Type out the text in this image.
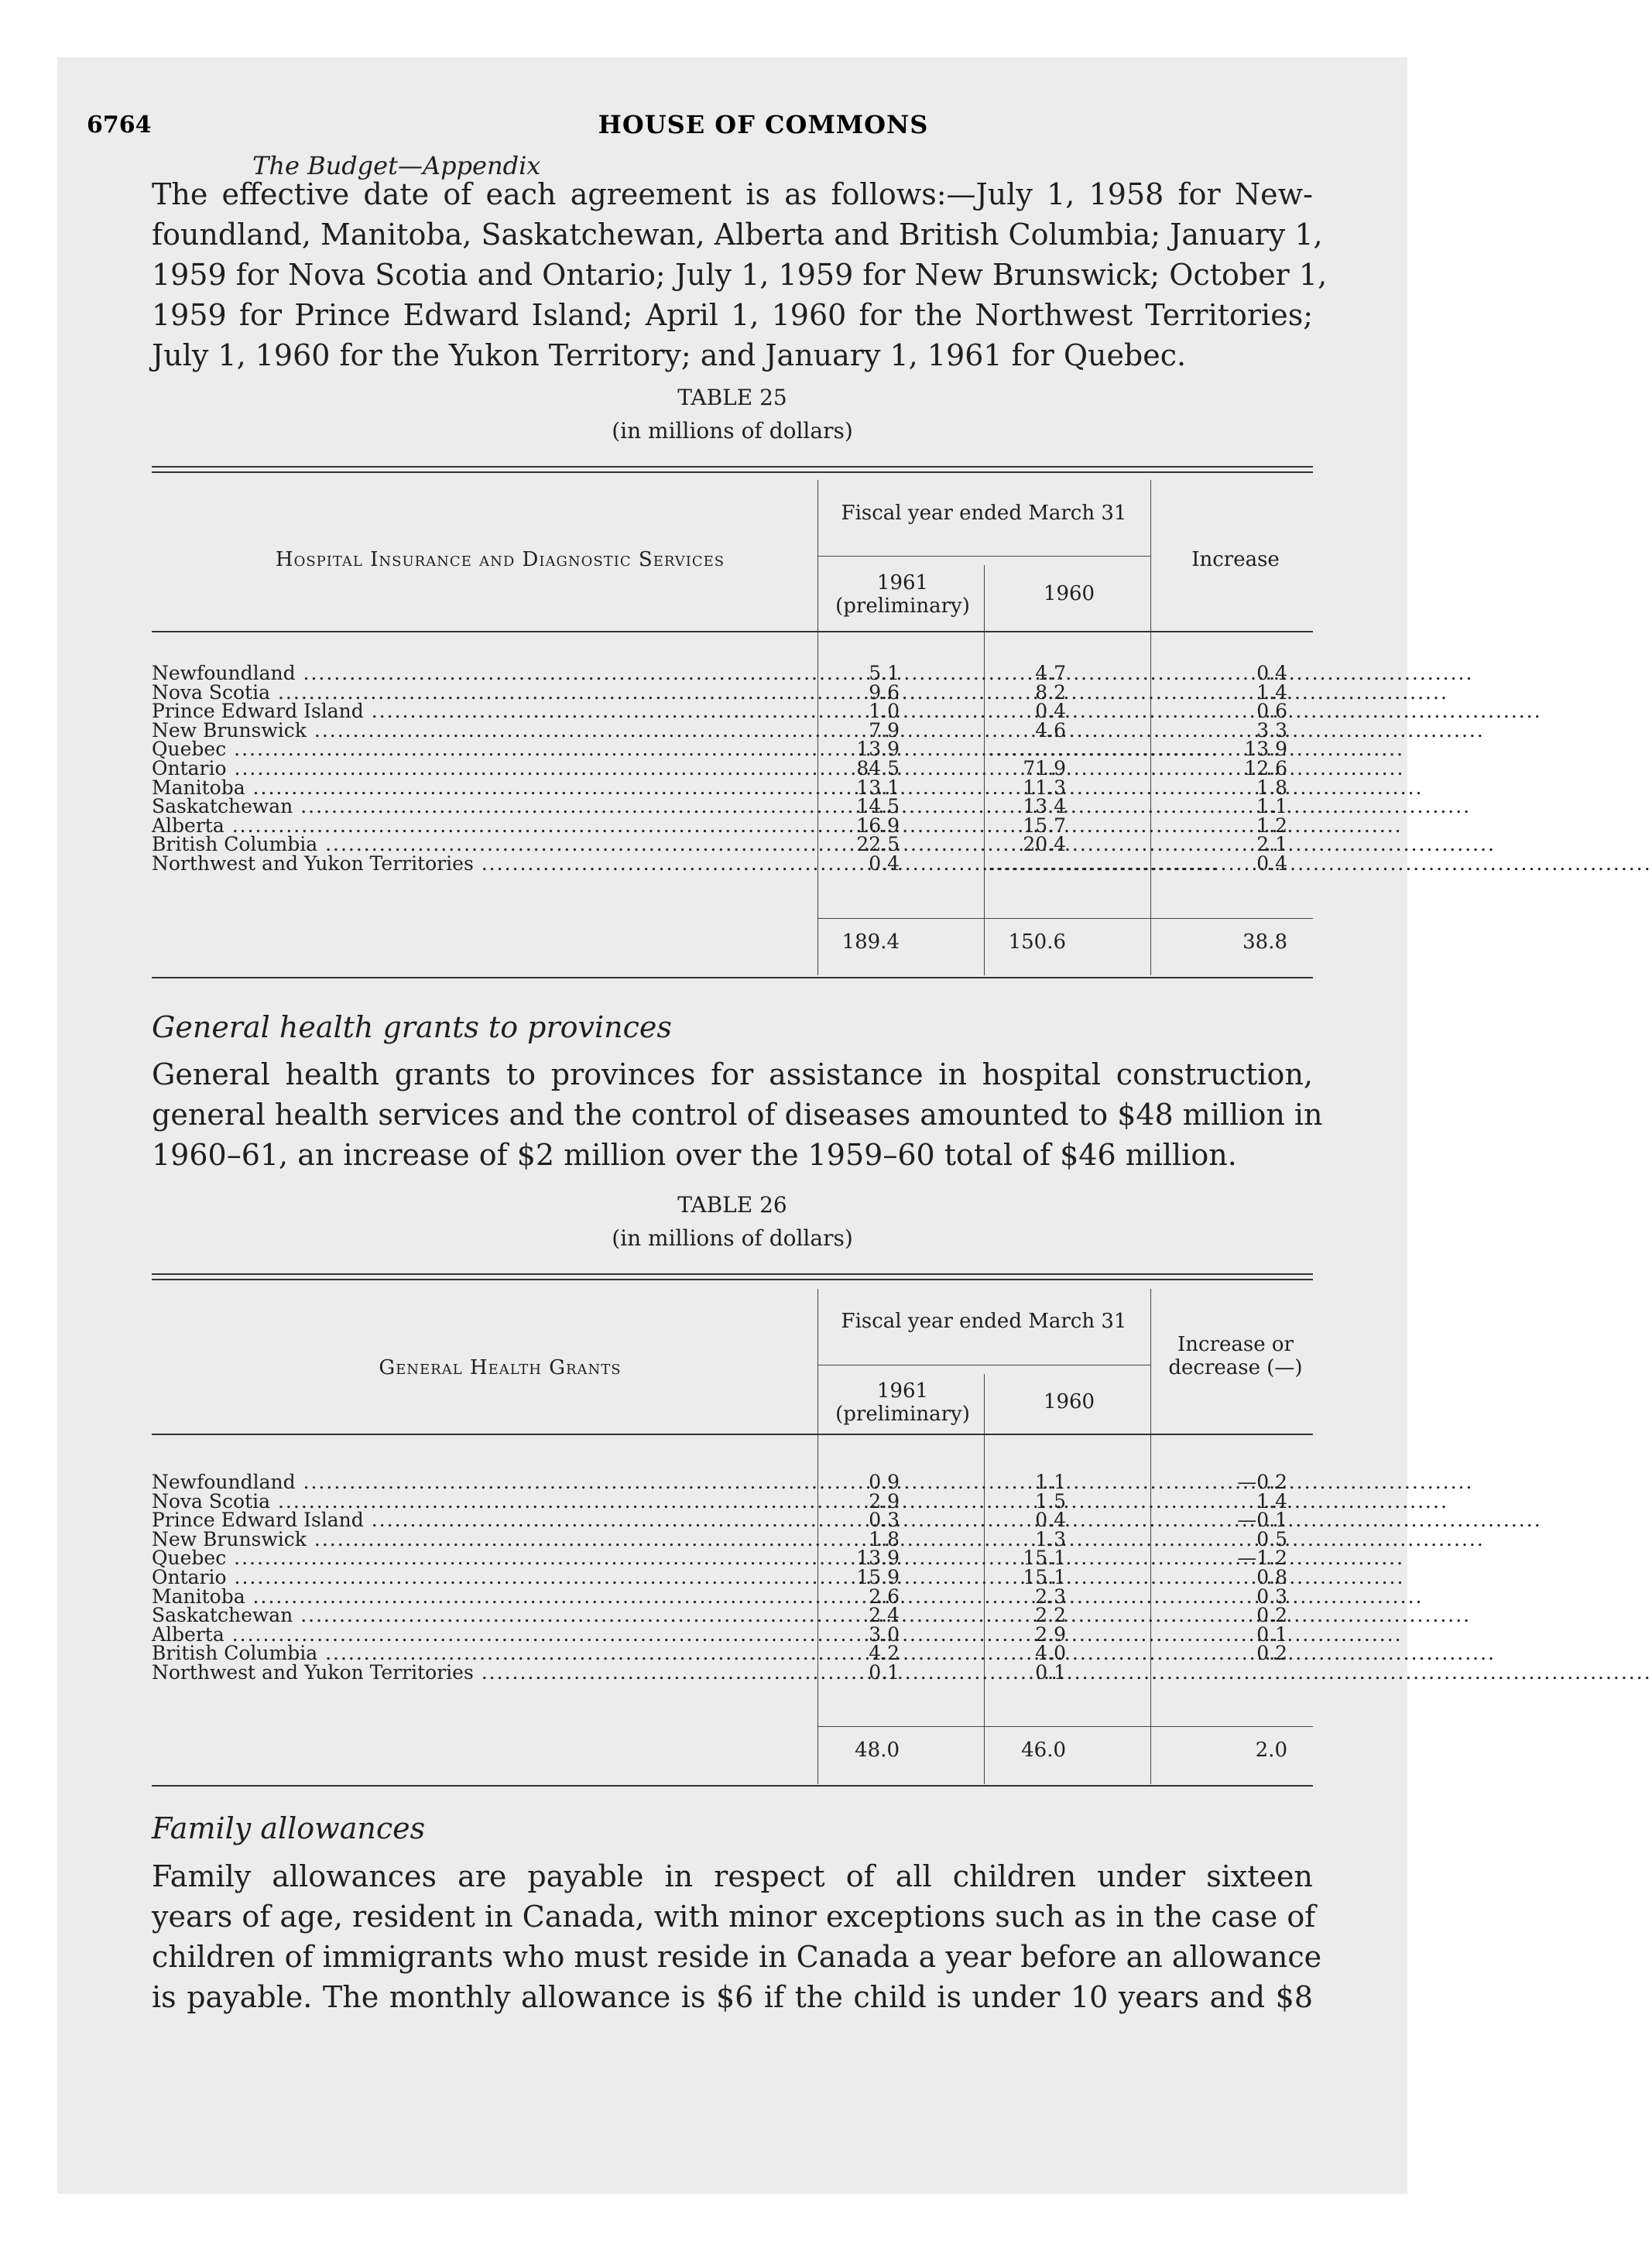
6764	HOUSE OF COMMONS
The Budget—Appendix
The effective date of each agreement is as follows:—July 1, 1958 for New-
foundland, Manitoba, Saskatchewan, Alberta and British Columbia; January 1,
1959 for Nova Scotia and Ontario; July 1, 1959 for New Brunswick; October 1,
1959 for Prince Edward Island; April 1, 1960 for the Northwest Territories;
July 1, 1960 for the Yukon Territory; and January 1, 1961 for Quebec.
TABLE 25
(in millions of dollars)
Hospital Insurance and Diagnostic Services
Fiscal year ended March 31
1961 (preliminary)
1960
Increase
Newfoundland .....	5.1	4.7	0.4
Nova Scotia .....	9.6	8.2	1.4
Prince Edward Island .....	1.0	0.4	0.6
New Brunswick .....	7.9	4.6	3.3
Quebec .....	13.9	..............................	13.9
Ontario .....	84.5	71.9	12.6
Manitoba .....	13.1	11.3	1.8
Saskatchewan .....	14.5	13.4	1.1
Alberta .....	16.9	15.7	1.2
British Columbia .....	22.5	20.4	2.1
Northwest and Yukon Territories .....	0.4	..............................	0.4
189.4	150.6	38.8
General health grants to provinces
General health grants to provinces for assistance in hospital construction,
general health services and the control of diseases amounted to $48 million in
1960–61, an increase of $2 million over the 1959–60 total of $46 million.
TABLE 26
(in millions of dollars)
General Health Grants
Fiscal year ended March 31
1961 (preliminary)
1960
Increase or decrease (—)
Newfoundland .....	0.9	1.1	—0.2
Nova Scotia .....	2.9	1.5	1.4
Prince Edward Island .....	0.3	0.4	—0.1
New Brunswick .....	1.8	1.3	0.5
Quebec .....	13.9	15.1	—1.2
Ontario .....	15.9	15.1	0.8
Manitoba .....	2.6	2.3	0.3
Saskatchewan .....	2.4	2.2	0.2
Alberta .....	3.0	2.9	0.1
British Columbia .....	4.2	4.0	0.2
Northwest and Yukon Territories .....	0.1	0.1
48.0	46.0	2.0
Family allowances
Family allowances are payable in respect of all children under sixteen
years of age, resident in Canada, with minor exceptions such as in the case of
children of immigrants who must reside in Canada a year before an allowance
is payable. The monthly allowance is $6 if the child is under 10 years and $8
